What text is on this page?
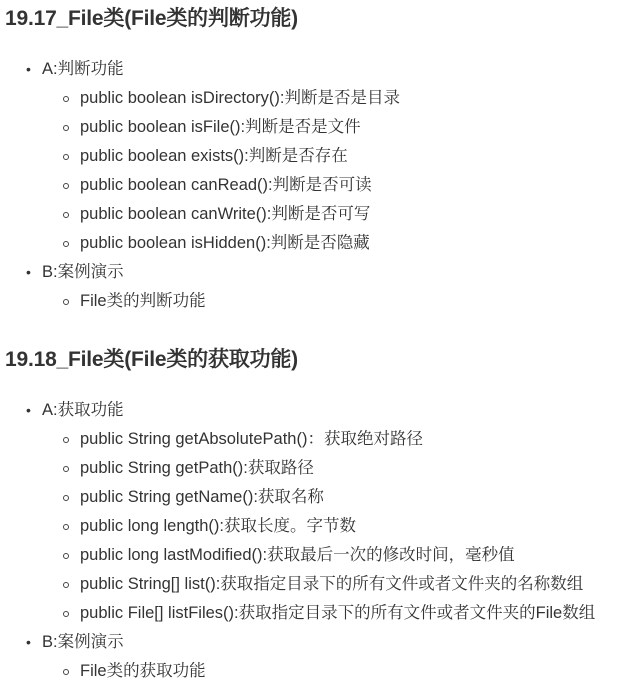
19.17_File类(File类的判断功能)
• A:判断功能
public boolean isDirectory():判断是否是目录
public boolean isFile():判断是否是文件
public boolean exists():判断是否存在
public boolean canRead():判断是否可读
public boolean canWrite():判断是否可写
public boolean isHidden():判断是否隐藏
• B:案例演示
File类的判断功能
19.18_File类(File类的获取功能)
• A:获取功能
public String getAbsolutePath()：获取绝对路径
public String getPath():获取路径
public String getName():获取名称
public long length():获取长度。字节数
public long lastModified():获取最后一次的修改时间，毫秒值
public String[] list():获取指定目录下的所有文件或者文件夹的名称数组
public File[] listFiles():获取指定目录下的所有文件或者文件夹的File数组
• B:案例演示
File类的获取功能
